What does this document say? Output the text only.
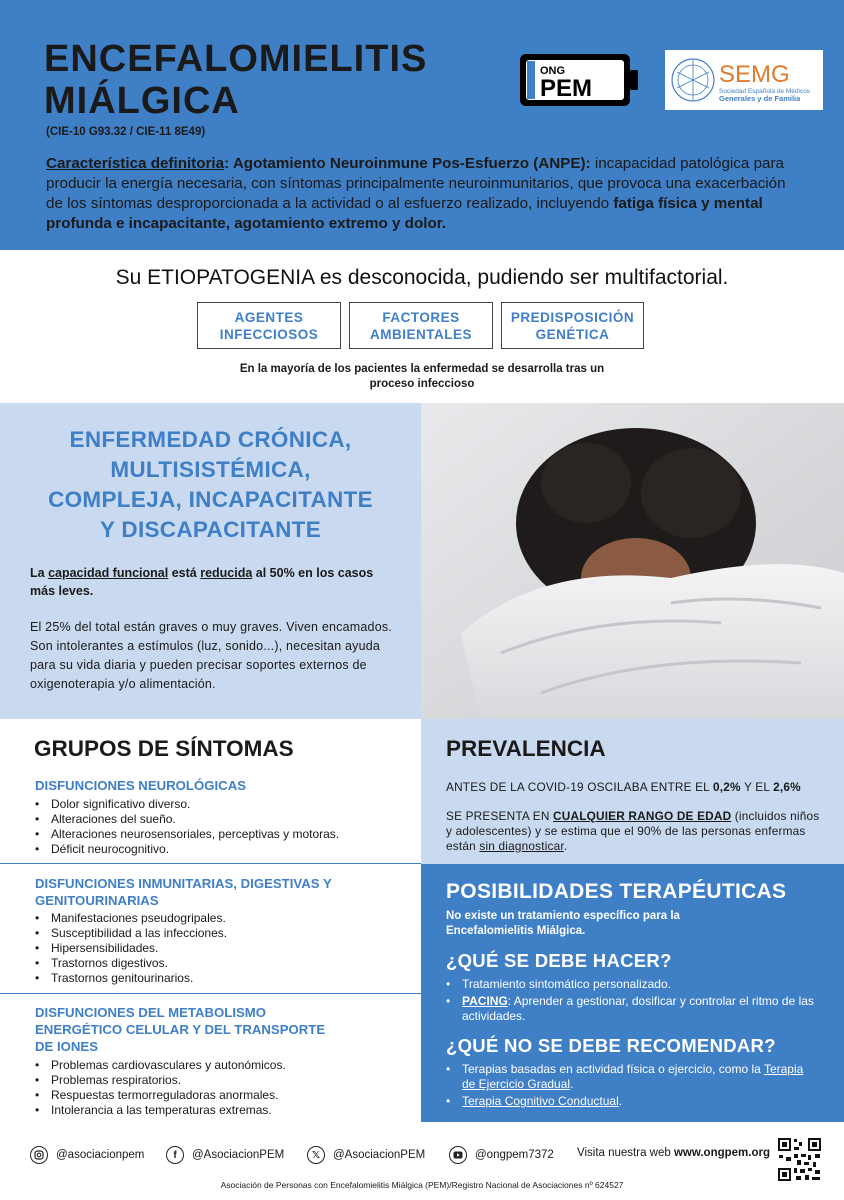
ENCEFALOMIELITIS
MIÁLGICA
(CIE-10 G93.32 / CIE-11 8E49)
ONG
PEM
SEMG
Sociedad Española de Médicos
Generales y de Familia
Característica definitoria: Agotamiento Neuroinmune Pos-Esfuerzo (ANPE): incapacidad patológica para producir la energía necesaria, con síntomas principalmente neuroinmunitarios, que provoca una exacerbación de los síntomas desproporcionada a la actividad o al esfuerzo realizado, incluyendo fatiga física y mental profunda e incapacitante, agotamiento extremo y dolor.
Su ETIOPATOGENIA es desconocida, pudiendo ser multifactorial.
AGENTES
INFECCIOSOS
FACTORES
AMBIENTALES
PREDISPOSICIÓN
GENÉTICA
En la mayoría de los pacientes la enfermedad se desarrolla tras un
proceso infeccioso
ENFERMEDAD CRÓNICA,
MULTISISTÉMICA,
COMPLEJA, INCAPACITANTE
Y DISCAPACITANTE
La capacidad funcional está reducida al 50% en los casos más leves.
El 25% del total están graves o muy graves. Viven encamados. Son intolerantes a estímulos (luz, sonido...), necesitan ayuda para su vida diaria y pueden precisar soportes externos de oxigenoterapia y/o alimentación.
GRUPOS DE SÍNTOMAS
DISFUNCIONES NEUROLÓGICAS
• Dolor significativo diverso.
• Alteraciones del sueño.
• Alteraciones neurosensoriales, perceptivas y motoras.
• Déficit neurocognitivo.
DISFUNCIONES INMUNITARIAS, DIGESTIVAS Y
GENITOURINARIAS
• Manifestaciones pseudogripales.
• Susceptibilidad a las infecciones.
• Hipersensibilidades.
• Trastornos digestivos.
• Trastornos genitourinarios.
DISFUNCIONES DEL METABOLISMO
ENERGÉTICO CELULAR Y DEL TRANSPORTE
DE IONES
• Problemas cardiovasculares y autonómicos.
• Problemas respiratorios.
• Respuestas termorreguladoras anormales.
• Intolerancia a las temperaturas extremas.
PREVALENCIA
ANTES DE LA COVID-19 OSCILABA ENTRE EL 0,2% Y EL 2,6%
SE PRESENTA EN CUALQUIER RANGO DE EDAD (incluidos niños y adolescentes) y se estima que el 90% de las personas enfermas están sin diagnosticar.
POSIBILIDADES TERAPÉUTICAS
No existe un tratamiento específico para la
Encefalomielitis Miálgica.
¿QUÉ SE DEBE HACER?
• Tratamiento sintomático personalizado.
• PACING: Aprender a gestionar, dosificar y controlar el ritmo de las actividades.
¿QUÉ NO SE DEBE RECOMENDAR?
• Terapias basadas en actividad física o ejercicio, como la Terapia de Ejercicio Gradual.
• Terapia Cognitivo Conductual.
@asociacionpem	f	@AsociacionPEM	𝕏	@AsociacionPEM	@ongpem7372 Visita nuestra web www.ongpem.org
Asociación de Personas con Encefalomielitis Miálgica (PEM)/Registro Nacional de Asociaciones nº 624527
